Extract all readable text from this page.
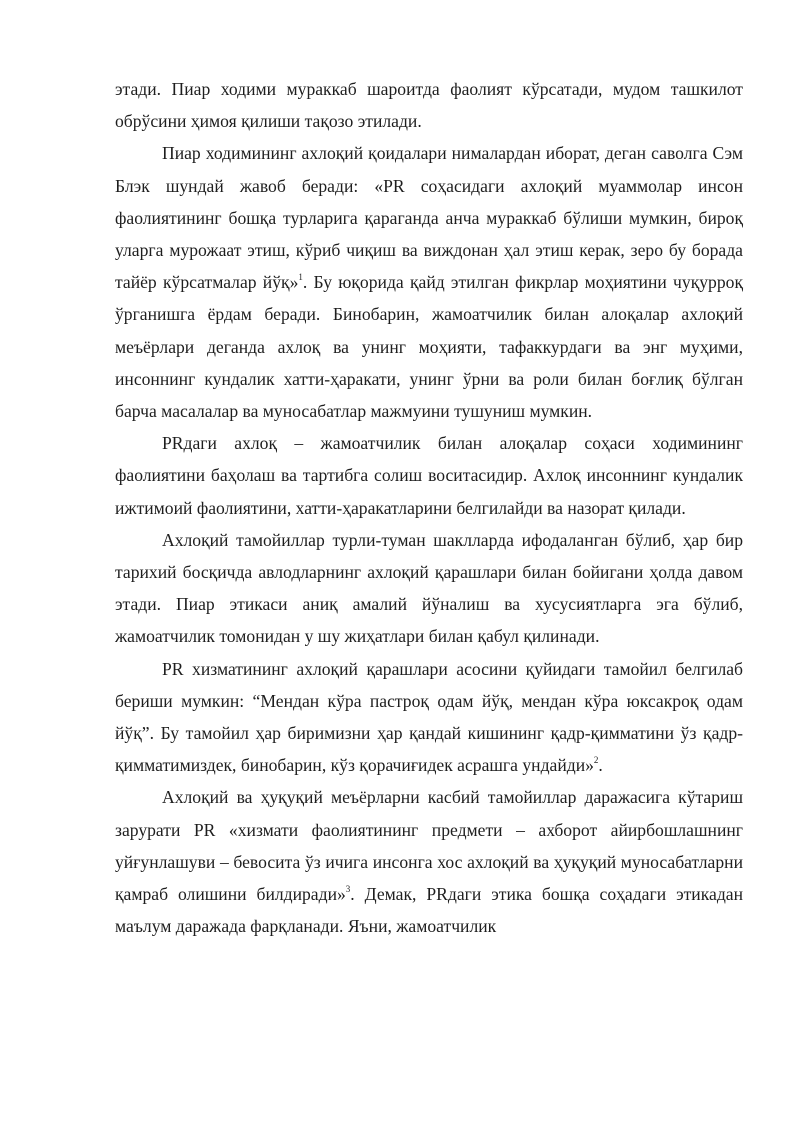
этади. Пиар ходими мураккаб шароитда фаолият кўрсатади, мудом ташкилот обрўсини ҳимоя қилиши тақозо этилади.

Пиар ходимининг ахлоқий қоидалари нималардан иборат, деган саволга Сэм Блэк шундай жавоб беради: «PR соҳасидаги ахлоқий муаммолар инсон фаолиятининг бошқа турларига қараганда анча мураккаб бўлиши мумкин, бироқ уларга мурожаат этиш, кўриб чиқиш ва виждонан ҳал этиш керак, зеро бу борада тайёр кўрсатмалар йўқ»$^1$. Бу юқорида қайд этилган фикрлар моҳиятини чуқурроқ ўрганишга ёрдам беради. Бинобарин, жамоатчилик билан алоқалар ахлоқий меъёрлари деганда ахлоқ ва унинг моҳияти, тафаккурдаги ва энг муҳими, инсоннинг кундалик хатти-ҳаракати, унинг ўрни ва роли билан боғлиқ бўлган барча масалалар ва муносабатлар мажмуини тушуниш мумкин.

PRдаги ахлоқ – жамоатчилик билан алоқалар соҳаси ходимининг фаолиятини баҳолаш ва тартибга солиш воситасидир. Ахлоқ инсоннинг кундалик ижтимоий фаолиятини, хатти-ҳаракатларини белгилайди ва назорат қилади.

Ахлоқий тамойиллар турли-туман шаклларда ифодаланган бўлиб, ҳар бир тарихий босқичда авлодларнинг ахлоқий қарашлари билан бойигани ҳолда давом этади. Пиар этикаси аниқ амалий йўналиш ва хусусиятларга эга бўлиб, жамоатчилик томонидан у шу жиҳатлари билан қабул қилинади.

PR хизматининг ахлоқий қарашлари асосини қуйидаги тамойил белгилаб бериши мумкин: “Мендан кўра пастроқ одам йўқ, мендан кўра юксакроқ одам йўқ”. Бу тамойил ҳар биримизни ҳар қандай кишининг қадр-қимматини ўз қадр-қимматимиздек, бинобарин, кўз қорачиғидек асрашга ундайди»$^2$.

Ахлоқий ва ҳуқуқий меъёрларни касбий тамойиллар даражасига кўтариш зарурати PR «хизмати фаолиятининг предмети – ахборот айирбошлашнинг уйғунлашуви – бевосита ўз ичига инсонга хос ахлоқий ва ҳуқуқий муносабатларни қамраб олишини билдиради»$^3$. Демак, PRдаги этика бошқа соҳадаги этикадан маълум даражада фарқланади. Яъни, жамоатчилик
